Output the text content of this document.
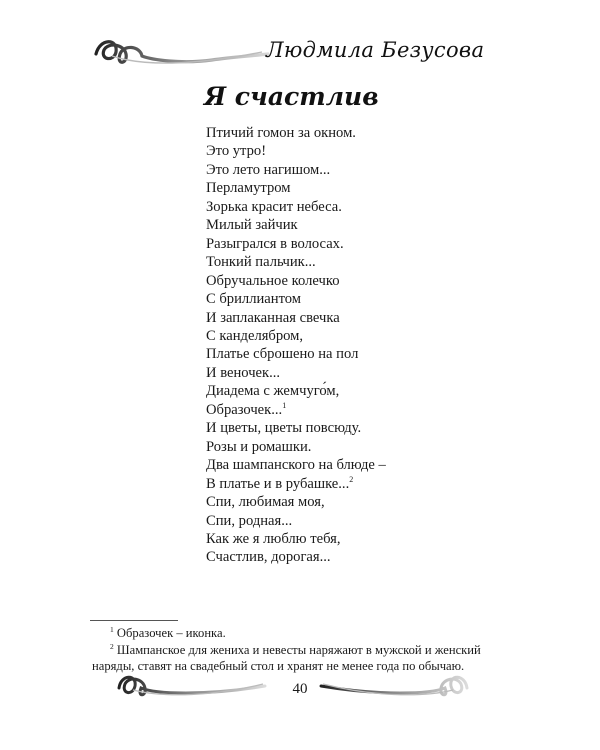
Людмила Безусова
Я счастлив
Птичий гомон за окном.
Это утро!
Это лето нагишом...
Перламутром
Зорька красит небеса.
Милый зайчик
Разыгрался в волосах.
Тонкий пальчик...
Обручальное колечко
С бриллиантом
И заплаканная свечка
С канделябром,
Платье сброшено на пол
И веночек...
Диадема с жемчуго́м,
Образочек...$^1$
И цветы, цветы повсюду.
Розы и ромашки.
Два шампанского на блюде –
В платье и в рубашке...$^2$
Спи, любимая моя,
Спи, родная...
Как же я люблю тебя,
Счастлив, дорогая...
$^1$ Образочек – иконка.
$^2$ Шампанское для жениха и невесты наряжают в мужской и женский наряды, ставят на свадебный стол и хранят не менее года по обычаю.
40
